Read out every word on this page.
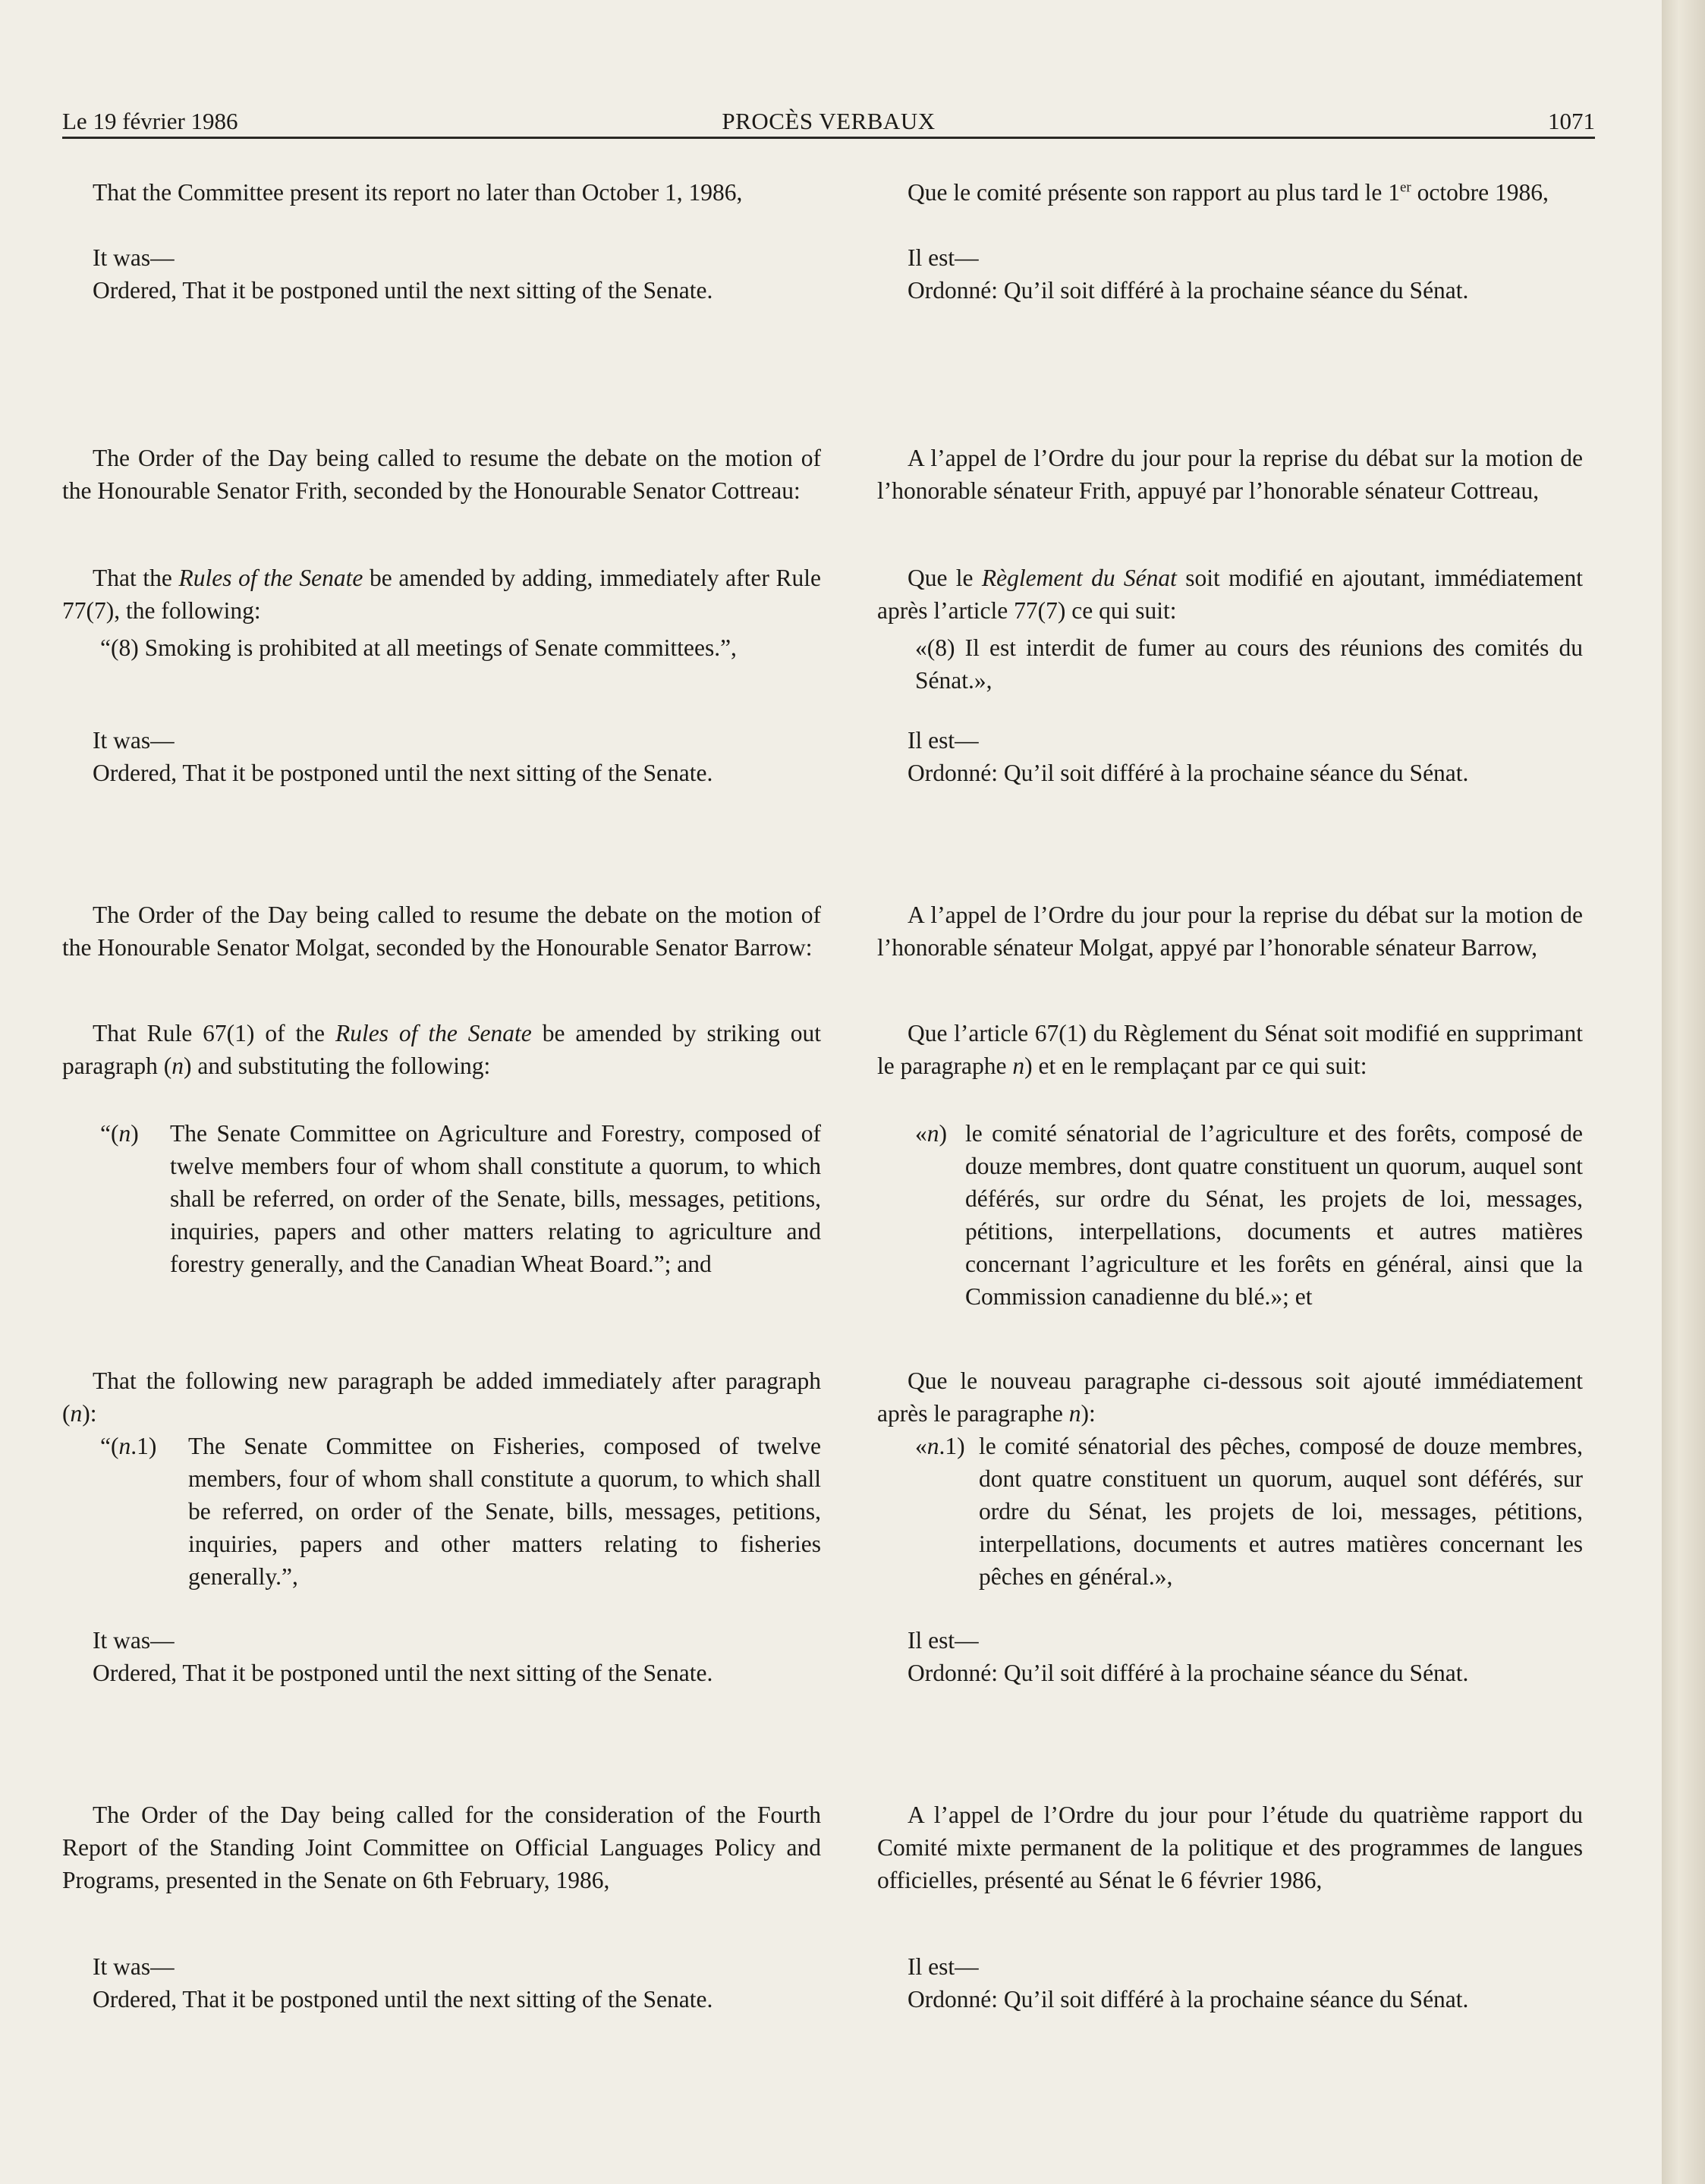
Le 19 février 1986	PROCÈS VERBAUX	1071

That the Committee present its report no later than October 1, 1986,

It was—

Ordered, That it be postponed until the next sitting of the Senate.

The Order of the Day being called to resume the debate on the motion of the Honourable Senator Frith, seconded by the Honourable Senator Cottreau:

That the Rules of the Senate be amended by adding, immediately after Rule 77(7), the following:

“(8) Smoking is prohibited at all meetings of Senate committees.”,

It was—

Ordered, That it be postponed until the next sitting of the Senate.

The Order of the Day being called to resume the debate on the motion of the Honourable Senator Molgat, seconded by the Honourable Senator Barrow:

That Rule 67(1) of the Rules of the Senate be amended by striking out paragraph (n) and substituting the following:

“(n) The Senate Committee on Agriculture and Forestry, composed of twelve members four of whom shall constitute a quorum, to which shall be referred, on order of the Senate, bills, messages, petitions, inquiries, papers and other matters relating to agriculture and forestry generally, and the Canadian Wheat Board.”; and

That the following new paragraph be added immediately after paragraph (n):

“(n.1) The Senate Committee on Fisheries, composed of twelve members, four of whom shall constitute a quorum, to which shall be referred, on order of the Senate, bills, messages, petitions, inquiries, papers and other matters relating to fisheries generally.”,

It was—

Ordered, That it be postponed until the next sitting of the Senate.

The Order of the Day being called for the consideration of the Fourth Report of the Standing Joint Committee on Official Languages Policy and Programs, presented in the Senate on 6th February, 1986,

It was—

Ordered, That it be postponed until the next sitting of the Senate.

Que le comité présente son rapport au plus tard le 1er octobre 1986,

Il est—

Ordonné: Qu’il soit différé à la prochaine séance du Sénat.

A l’appel de l’Ordre du jour pour la reprise du débat sur la motion de l’honorable sénateur Frith, appuyé par l’honorable sénateur Cottreau,

Que le Règlement du Sénat soit modifié en ajoutant, immédiatement après l’article 77(7) ce qui suit:

«(8) Il est interdit de fumer au cours des réunions des comités du Sénat.»,

Il est—

Ordonné: Qu’il soit différé à la prochaine séance du Sénat.

A l’appel de l’Ordre du jour pour la reprise du débat sur la motion de l’honorable sénateur Molgat, appyé par l’honorable sénateur Barrow,

Que l’article 67(1) du Règlement du Sénat soit modifié en supprimant le paragraphe n) et en le remplaçant par ce qui suit:

«n) le comité sénatorial de l’agriculture et des forêts, composé de douze membres, dont quatre constituent un quorum, auquel sont déférés, sur ordre du Sénat, les projets de loi, messages, pétitions, interpellations, documents et autres matières concernant l’agriculture et les forêts en général, ainsi que la Commission canadienne du blé.»; et

Que le nouveau paragraphe ci-dessous soit ajouté immédiatement après le paragraphe n):

«n.1) le comité sénatorial des pêches, composé de douze membres, dont quatre constituent un quorum, auquel sont déférés, sur ordre du Sénat, les projets de loi, messages, pétitions, interpellations, documents et autres matières concernant les pêches en général.»,

Il est—

Ordonné: Qu’il soit différé à la prochaine séance du Sénat.

A l’appel de l’Ordre du jour pour l’étude du quatrième rapport du Comité mixte permanent de la politique et des programmes de langues officielles, présenté au Sénat le 6 février 1986,

Il est—

Ordonné: Qu’il soit différé à la prochaine séance du Sénat.
